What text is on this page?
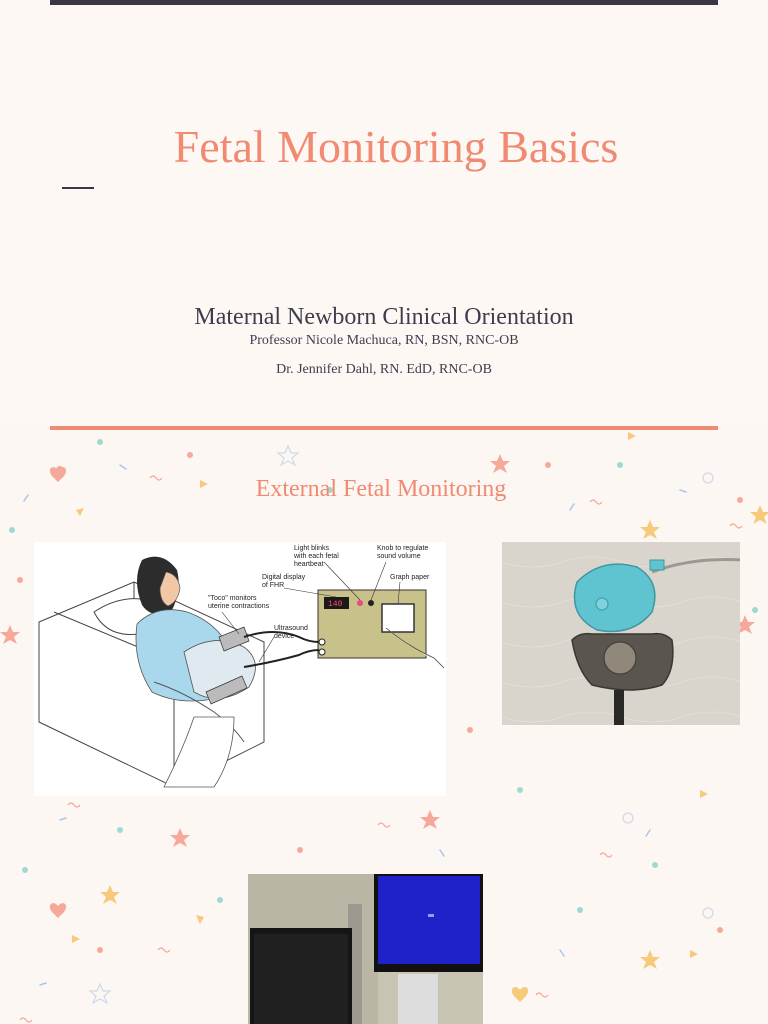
Fetal Monitoring Basics
Maternal Newborn Clinical Orientation
Professor Nicole Machuca, RN, BSN, RNC-OB
Dr. Jennifer Dahl, RN. EdD, RNC-OB
External Fetal Monitoring
140
Light blinks
with each fetal
heartbeat
Knob to regulate
sound volume
Digital display
of FHR
Graph paper
"Toco" monitors
uterine contractions
Ultrasound
device
